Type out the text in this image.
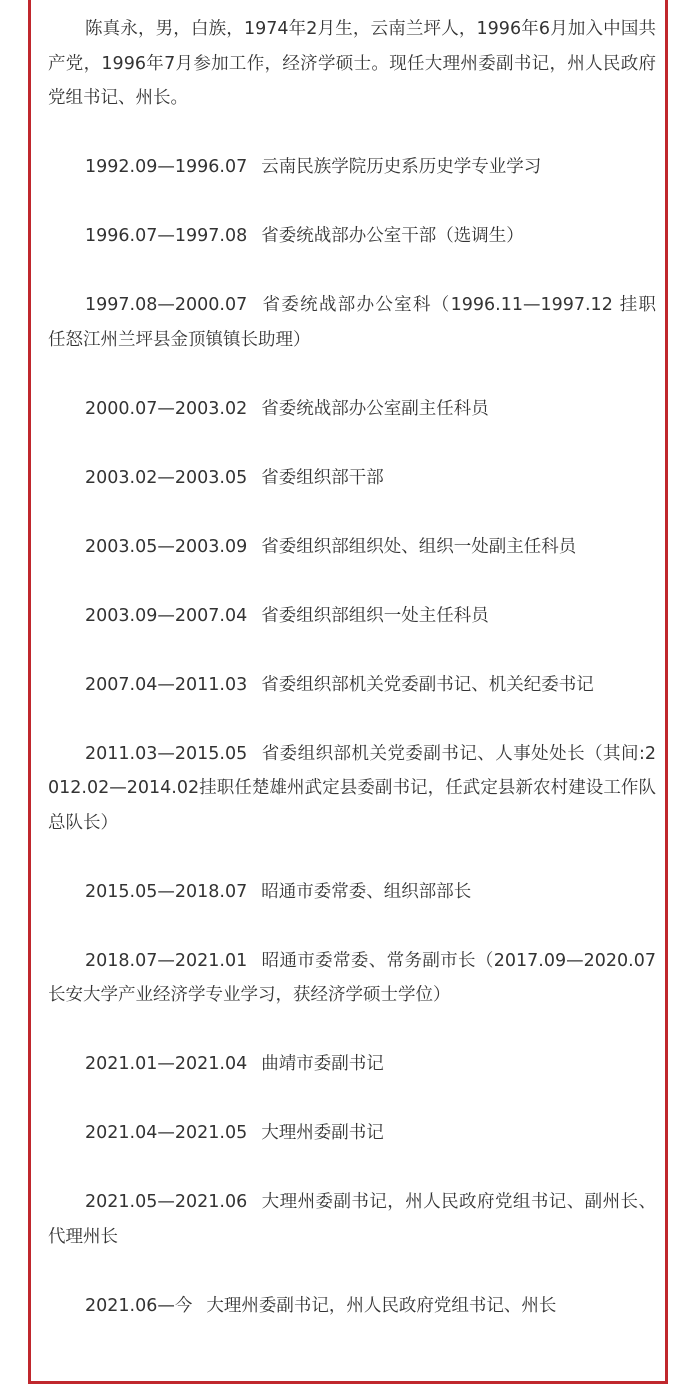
陈真永，男，白族，1974年2月生，云南兰坪人，1996年6月加入中国共产党，1996年7月参加工作，经济学硕士。现任大理州委副书记，州人民政府党组书记、州长。

1992.09—1996.07 云南民族学院历史系历史学专业学习

1996.07—1997.08 省委统战部办公室干部（选调生）

1997.08—2000.07 省委统战部办公室科（1996.11—1997.12 挂职任怒江州兰坪县金顶镇镇长助理）

2000.07—2003.02 省委统战部办公室副主任科员

2003.02—2003.05 省委组织部干部

2003.05—2003.09 省委组织部组织处、组织一处副主任科员

2003.09—2007.04 省委组织部组织一处主任科员

2007.04—2011.03 省委组织部机关党委副书记、机关纪委书记

2011.03—2015.05 省委组织部机关党委副书记、人事处处长（其间:2012.02—2014.02挂职任楚雄州武定县委副书记，任武定县新农村建设工作队总队长）

2015.05—2018.07 昭通市委常委、组织部部长

2018.07—2021.01 昭通市委常委、常务副市长（2017.09—2020.07长安大学产业经济学专业学习，获经济学硕士学位）

2021.01—2021.04 曲靖市委副书记

2021.04—2021.05 大理州委副书记

2021.05—2021.06 大理州委副书记，州人民政府党组书记、副州长、代理州长

2021.06—今 大理州委副书记，州人民政府党组书记、州长
